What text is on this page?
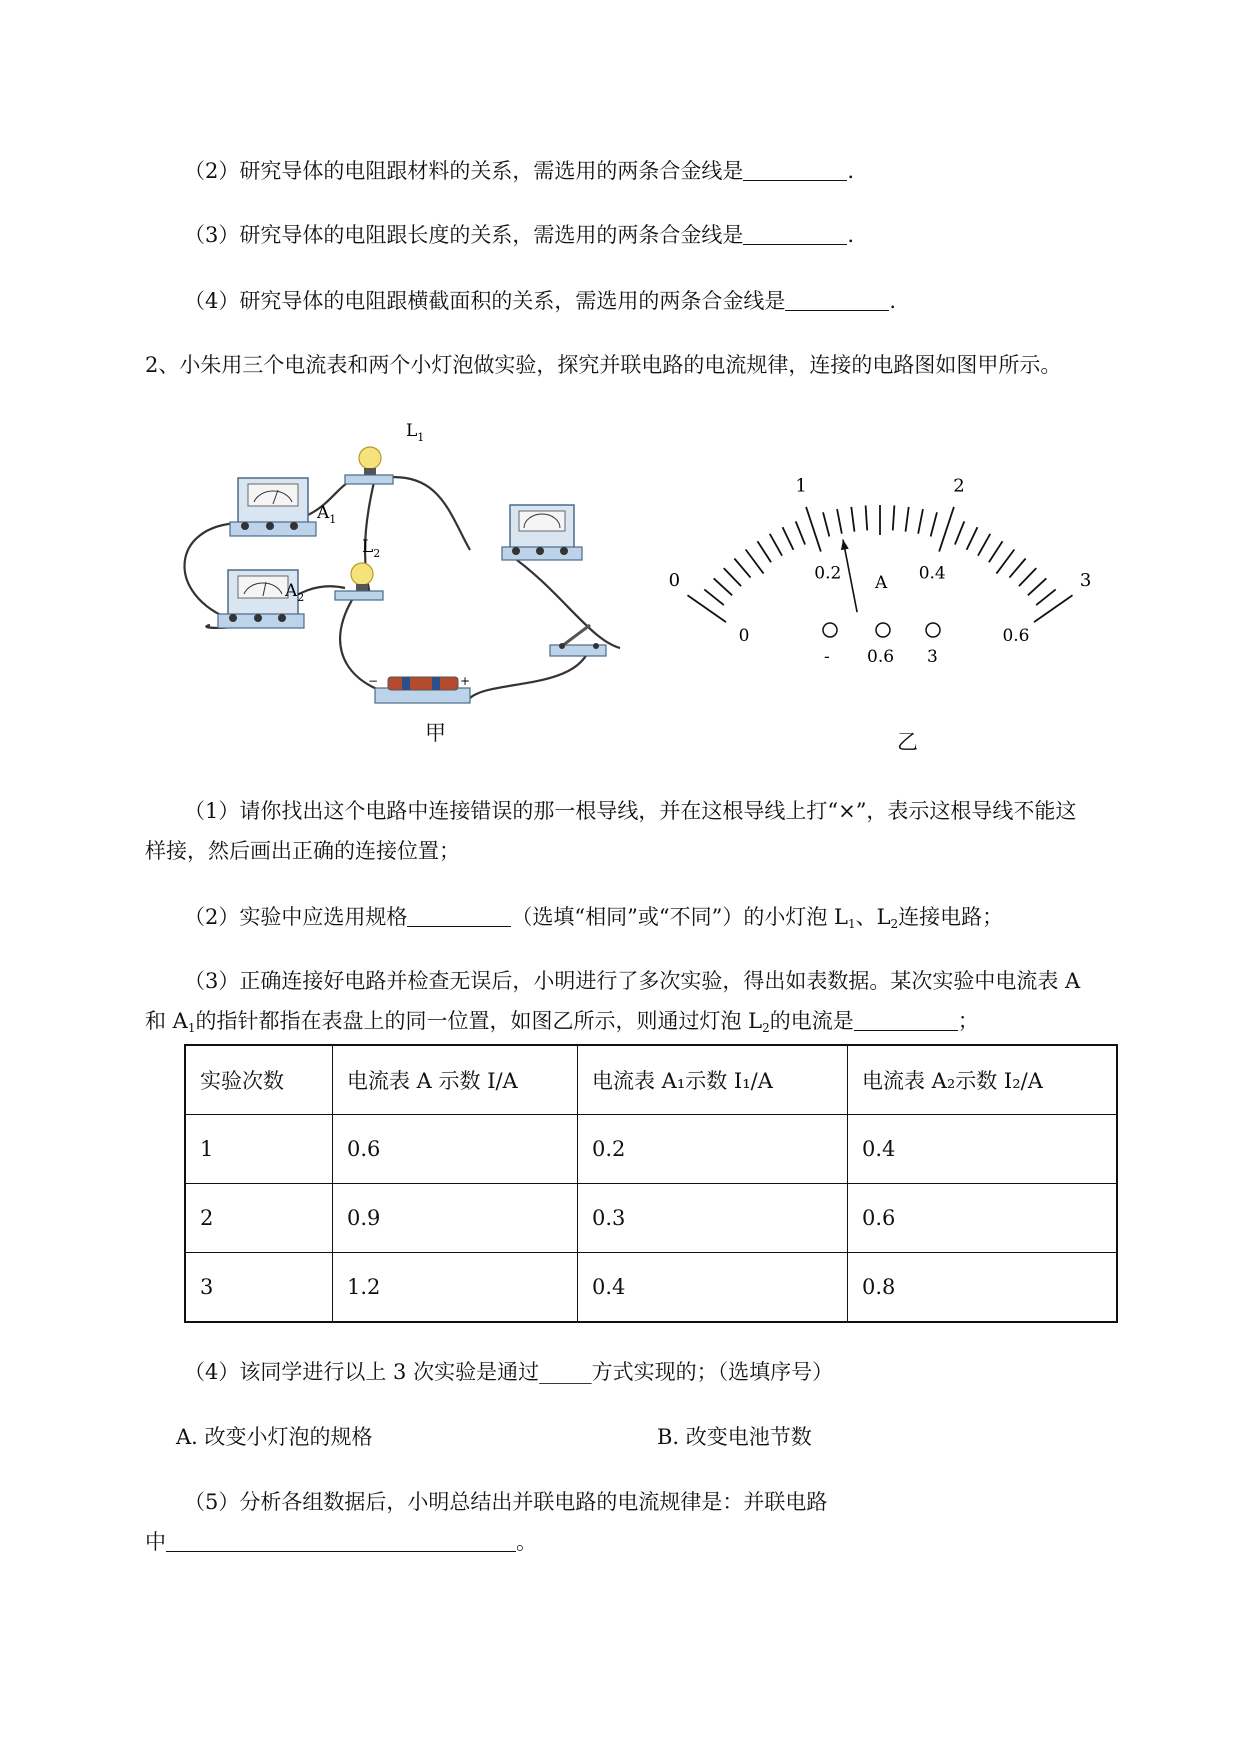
（2）研究导体的电阻跟材料的关系，需选用的两条合金线是	.
（3）研究导体的电阻跟长度的关系，需选用的两条合金线是	.
（4）研究导体的电阻跟横截面积的关系，需选用的两条合金线是	.
2、小朱用三个电流表和两个小灯泡做实验，探究并联电路的电流规律，连接的电路图如图甲所示。
$A_1$
$A_2$
$L_1$
$L_2$
−	+
甲
0
1	2
3
0
0.2	0.4
0.6
A
- 0.6 3
乙
（1）请你找出这个电路中连接错误的那一根导线，并在这根导线上打“×”，表示这根导线不能这
样接，然后画出正确的连接位置；
（2）实验中应选用规格	（选填“相同”或“不同”）的小灯泡 $L_1$、$L_2$连接电路；
（3）正确连接好电路并检查无误后，小明进行了多次实验，得出如表数据。某次实验中电流表 A
和 $A_1$的指针都指在表盘上的同一位置，如图乙所示，则通过灯泡 $L_2$的电流是	；
实验次数	电流表 A 示数 I/A	电流表 A₁示数 I₁/A	电流表 A₂示数 I₂/A
1	0.6	0.2	0.4
2	0.9	0.3	0.6
3	1.2	0.4	0.8
（4）该同学进行以上 3 次实验是通过_____方式实现的；（选填序号）
A. 改变小灯泡的规格	B. 改变电池节数
（5）分析各组数据后，小明总结出并联电路的电流规律是：并联电路
中	。
